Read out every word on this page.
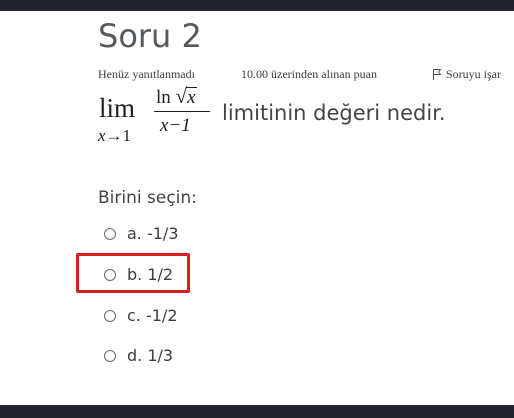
Soru 2
Henüz yanıtlanmadı	10.00 üzerinden alınan puan	Soruyu işar
lim
x→1
ln √x
x−1
limitinin değeri nedir.
Birini seçin:
a. -1/3
b. 1/2
c. -1/2
d. 1/3
